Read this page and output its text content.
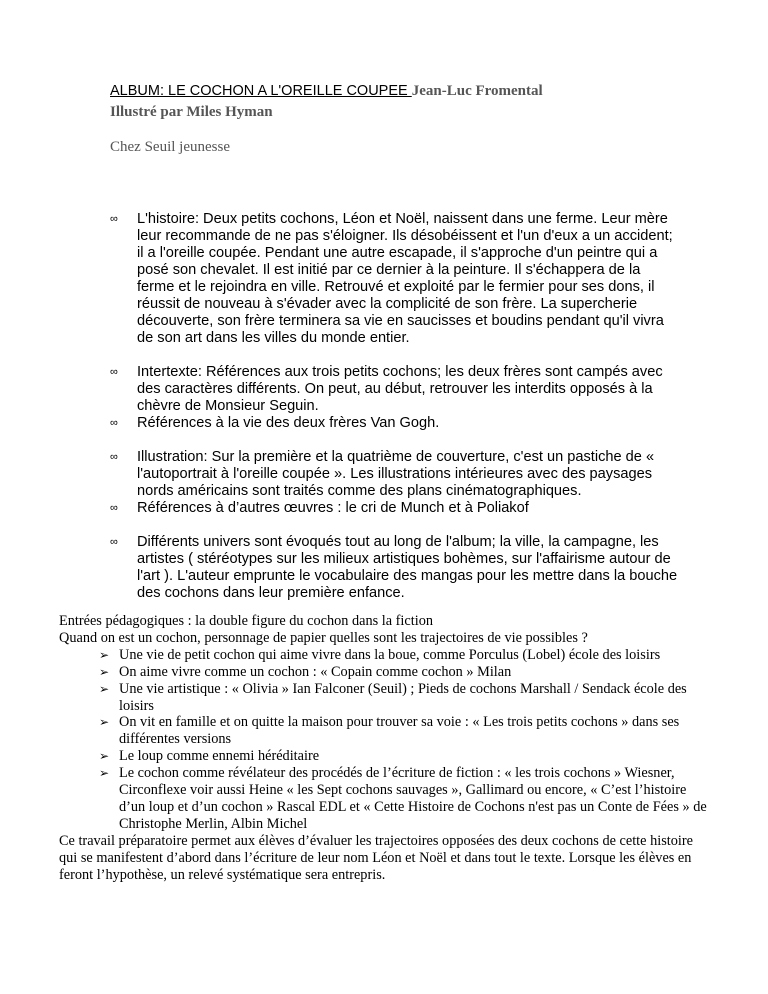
ALBUM: LE COCHON A L'OREILLE COUPEE Jean-Luc Fromental
Illustré par Miles Hyman
Chez Seuil jeunesse
∞	L'histoire: Deux petits cochons, Léon et Noël, naissent dans une ferme. Leur mère leur recommande de ne pas s'éloigner. Ils désobéissent et l'un d'eux a un accident; il a l'oreille coupée. Pendant une autre escapade, il s'approche d'un peintre qui a posé son chevalet. Il est initié par ce dernier à la peinture. Il s'échappera de la ferme et le rejoindra en ville. Retrouvé et exploité par le fermier pour ses dons, il réussit de nouveau à s'évader avec la complicité de son frère. La supercherie découverte, son frère terminera sa vie en saucisses et boudins pendant qu'il vivra de son art dans les villes du monde entier.
∞	Intertexte: Références aux trois petits cochons; les deux frères sont campés avec des caractères différents. On peut, au début, retrouver les interdits opposés à la chèvre de Monsieur Seguin.
∞	Références à la vie des deux frères Van Gogh.
∞	Illustration: Sur la première et la quatrième de couverture, c'est un pastiche de « l'autoportrait à l'oreille coupée ». Les illustrations intérieures avec des paysages nords américains sont traités comme des plans cinématographiques.
∞	Références à d’autres œuvres : le cri de Munch et à Poliakof
∞	Différents univers sont évoqués tout au long de l'album; la ville, la campagne, les artistes ( stéréotypes sur les milieux artistiques bohèmes, sur l'affairisme autour de l'art ). L'auteur emprunte le vocabulaire des mangas pour les mettre dans la bouche des cochons dans leur première enfance.
Entrées pédagogiques : la double figure du cochon dans la fiction
Quand on est un cochon, personnage de papier quelles sont les trajectoires de vie possibles ?
➢ Une vie de petit cochon qui aime vivre dans la boue, comme Porculus (Lobel) école des loisirs
➢ On aime vivre comme un cochon : « Copain comme cochon » Milan
➢ Une vie artistique : « Olivia » Ian Falconer (Seuil) ; Pieds de cochons Marshall / Sendack école des loisirs
➢ On vit en famille et on quitte la maison pour trouver sa voie : « Les trois petits cochons » dans ses différentes versions
➢ Le loup comme ennemi héréditaire
➢ Le cochon comme révélateur des procédés de l’écriture de fiction : « les trois cochons » Wiesner, Circonflexe voir aussi Heine « les Sept cochons sauvages », Gallimard ou encore, « C’est l’histoire d’un loup et d’un cochon » Rascal EDL et « Cette Histoire de Cochons n'est pas un Conte de Fées » de Christophe Merlin, Albin Michel
Ce travail préparatoire permet aux élèves d’évaluer les trajectoires opposées des deux cochons de cette histoire qui se manifestent d’abord dans l’écriture de leur nom Léon et Noël et dans tout le texte. Lorsque les élèves en feront l’hypothèse, un relevé systématique sera entrepris.
